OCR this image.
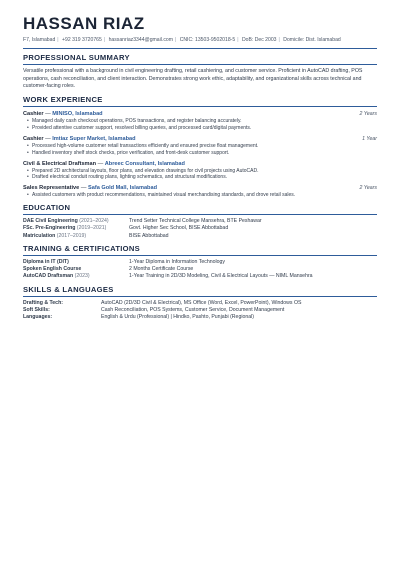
HASSAN RIAZ
F7, Islamabad | +92 319 3720765 | hassanriaz3344@gmail.com | CNIC: 13503-9502018-5 | DoB: Dec 2003 | Domicile: Dist. Islamabad
PROFESSIONAL SUMMARY
Versatile professional with a background in civil engineering drafting, retail cashiering, and customer service. Proficient in AutoCAD drafting, POS operations, cash reconciliation, and client interaction. Demonstrates strong work ethic, adaptability, and organizational skills across technical and customer-facing roles.
WORK EXPERIENCE
Cashier — MINISO, Islamabad	2 Years
• Managed daily cash checkout operations, POS transactions, and register balancing accurately.
• Provided attentive customer support, resolved billing queries, and processed card/digital payments.
Cashier — Imtiaz Super Market, Islamabad	1 Year
• Processed high-volume customer retail transactions efficiently and ensured precise float management.
• Handled inventory shelf stock checks, price verification, and front-desk customer support.
Civil & Electrical Draftsman — Abreec Consultant, Islamabad
• Prepared 2D architectural layouts, floor plans, and elevation drawings for civil projects using AutoCAD.
• Drafted electrical conduit routing plans, lighting schematics, and structural modifications.
Sales Representative — Safa Gold Mall, Islamabad	2 Years
• Assisted customers with product recommendations, maintained visual merchandising standards, and drove retail sales.
EDUCATION
DAE Civil Engineering (2021–2024)	Trend Setter Technical College Mansehra, BTE Peshawar
FSc. Pre-Engineering (2019–2021)	Govt. Higher Sec School, BISE Abbottabad
Matriculation (2017–2019)	BISE Abbottabad
TRAINING & CERTIFICATIONS
Diploma in IT (DIT)	1-Year Diploma in Information Technology
Spoken English Course	2 Months Certificate Course
AutoCAD Draftsman (2023)	1-Year Training in 2D/3D Modeling, Civil & Electrical Layouts — NIML Mansehra
SKILLS & LANGUAGES
Drafting & Tech:	AutoCAD (2D/3D Civil & Electrical), MS Office (Word, Excel, PowerPoint), Windows OS
Soft Skills:	Cash Reconciliation, POS Systems, Customer Service, Document Management
Languages:	English & Urdu (Professional) | Hindko, Pashto, Punjabi (Regional)
